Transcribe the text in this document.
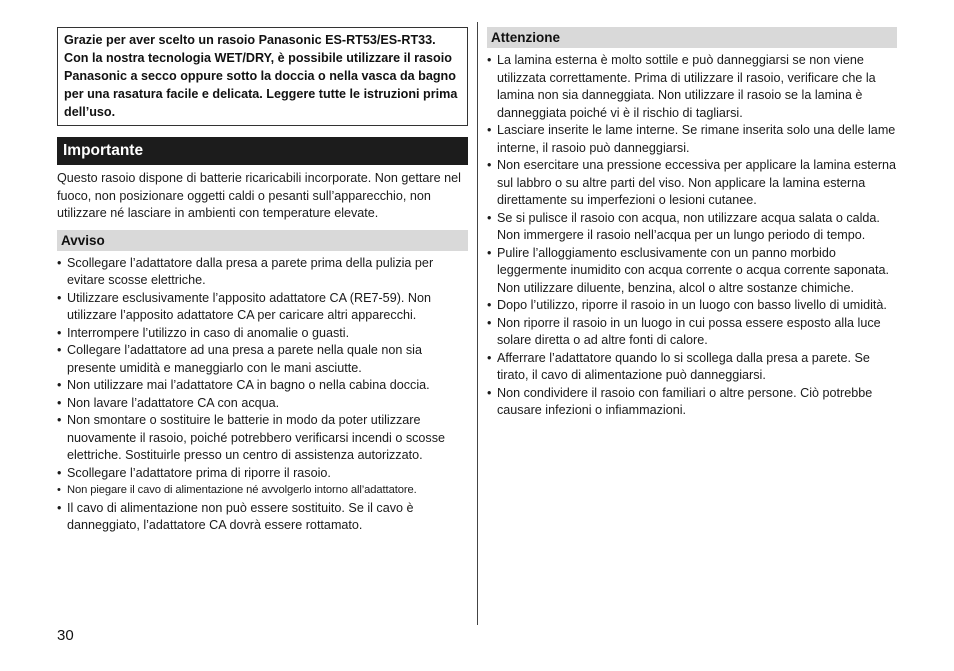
Grazie per aver scelto un rasoio Panasonic ES-RT53/ES-RT33. Con la nostra tecnologia WET/DRY, è possibile utilizzare il rasoio Panasonic a secco oppure sotto la doccia o nella vasca da bagno per una rasatura facile e delicata. Leggere tutte le istruzioni prima dell’uso.
Importante
Questo rasoio dispone di batterie ricaricabili incorporate. Non gettare nel fuoco, non posizionare oggetti caldi o pesanti sull’apparecchio, non utilizzare né lasciare in ambienti con temperature elevate.
Avviso
• Scollegare l’adattatore dalla presa a parete prima della pulizia per evitare scosse elettriche.
• Utilizzare esclusivamente l’apposito adattatore CA (RE7-59). Non utilizzare l’apposito adattatore CA per caricare altri apparecchi.
• Interrompere l’utilizzo in caso di anomalie o guasti.
• Collegare l’adattatore ad una presa a parete nella quale non sia presente umidità e maneggiarlo con le mani asciutte.
• Non utilizzare mai l’adattatore CA in bagno o nella cabina doccia.
• Non lavare l’adattatore CA con acqua.
• Non smontare o sostituire le batterie in modo da poter utilizzare nuovamente il rasoio, poiché potrebbero verificarsi incendi o scosse elettriche. Sostituirle presso un centro di assistenza autorizzato.
• Scollegare l’adattatore prima di riporre il rasoio.
• Non piegare il cavo di alimentazione né avvolgerlo intorno all’adattatore.
• Il cavo di alimentazione non può essere sostituito. Se il cavo è danneggiato, l’adattatore CA dovrà essere rottamato.
Attenzione
• La lamina esterna è molto sottile e può danneggiarsi se non viene utilizzata correttamente. Prima di utilizzare il rasoio, verificare che la lamina non sia danneggiata. Non utilizzare il rasoio se la lamina è danneggiata poiché vi è il rischio di tagliarsi.
• Lasciare inserite le lame interne. Se rimane inserita solo una delle lame interne, il rasoio può danneggiarsi.
• Non esercitare una pressione eccessiva per applicare la lamina esterna sul labbro o su altre parti del viso. Non applicare la lamina esterna direttamente su imperfezioni o lesioni cutanee.
• Se si pulisce il rasoio con acqua, non utilizzare acqua salata o calda. Non immergere il rasoio nell’acqua per un lungo periodo di tempo.
• Pulire l’alloggiamento esclusivamente con un panno morbido leggermente inumidito con acqua corrente o acqua corrente saponata. Non utilizzare diluente, benzina, alcol o altre sostanze chimiche.
• Dopo l’utilizzo, riporre il rasoio in un luogo con basso livello di umidità.
• Non riporre il rasoio in un luogo in cui possa essere esposto alla luce solare diretta o ad altre fonti di calore.
• Afferrare l’adattatore quando lo si scollega dalla presa a parete. Se tirato, il cavo di alimentazione può danneggiarsi.
• Non condividere il rasoio con familiari o altre persone. Ciò potrebbe causare infezioni o infiammazioni.
30
